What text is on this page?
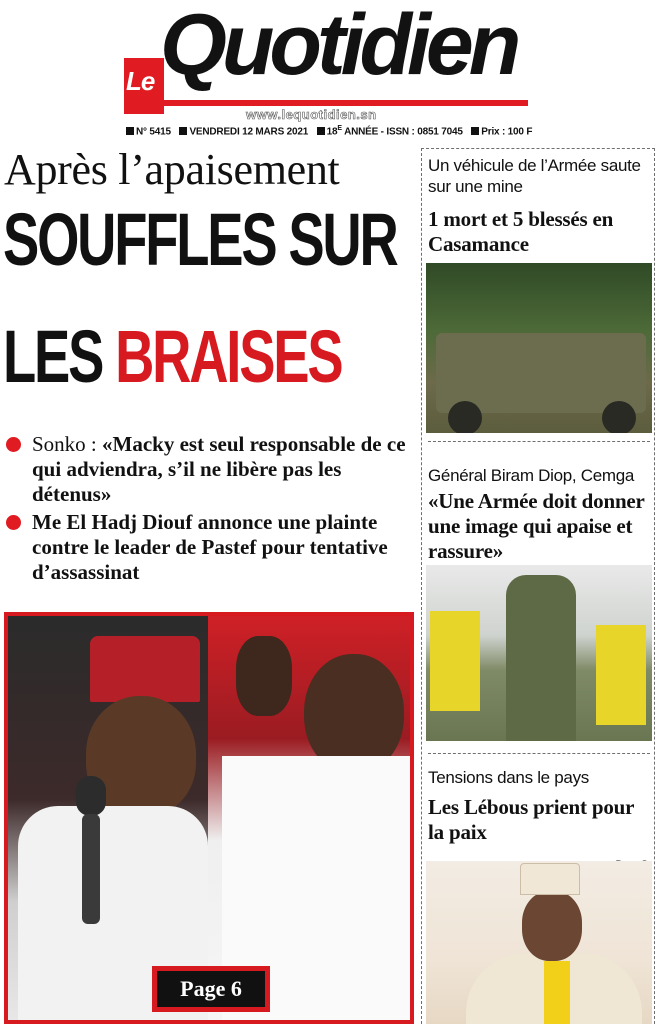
Le Quotidien
www.lequotidien.sn
N° 5415 VENDREDI 12 MARS 2021 $18^E$ ANNÉE - ISSN : 0851 7045 Prix : 100 F
Après l’apaisement
SOUFFLES SUR
LES BRAISES
Sonko : «Macky est seul responsable de ce qui adviendra, s’il ne libère pas les détenus»
Me El Hadj Diouf annonce une plainte contre le leader de Pastef pour tentative d’assassinat
Page 6
Un véhicule de l’Armée saute sur une mine
1 mort et 5 blessés en Casamance
Général Biram Diop, Cemga
«Une Armée doit donner une image qui apaise et rassure»
Tensions dans le pays
Les Lébous prient pour la paix
